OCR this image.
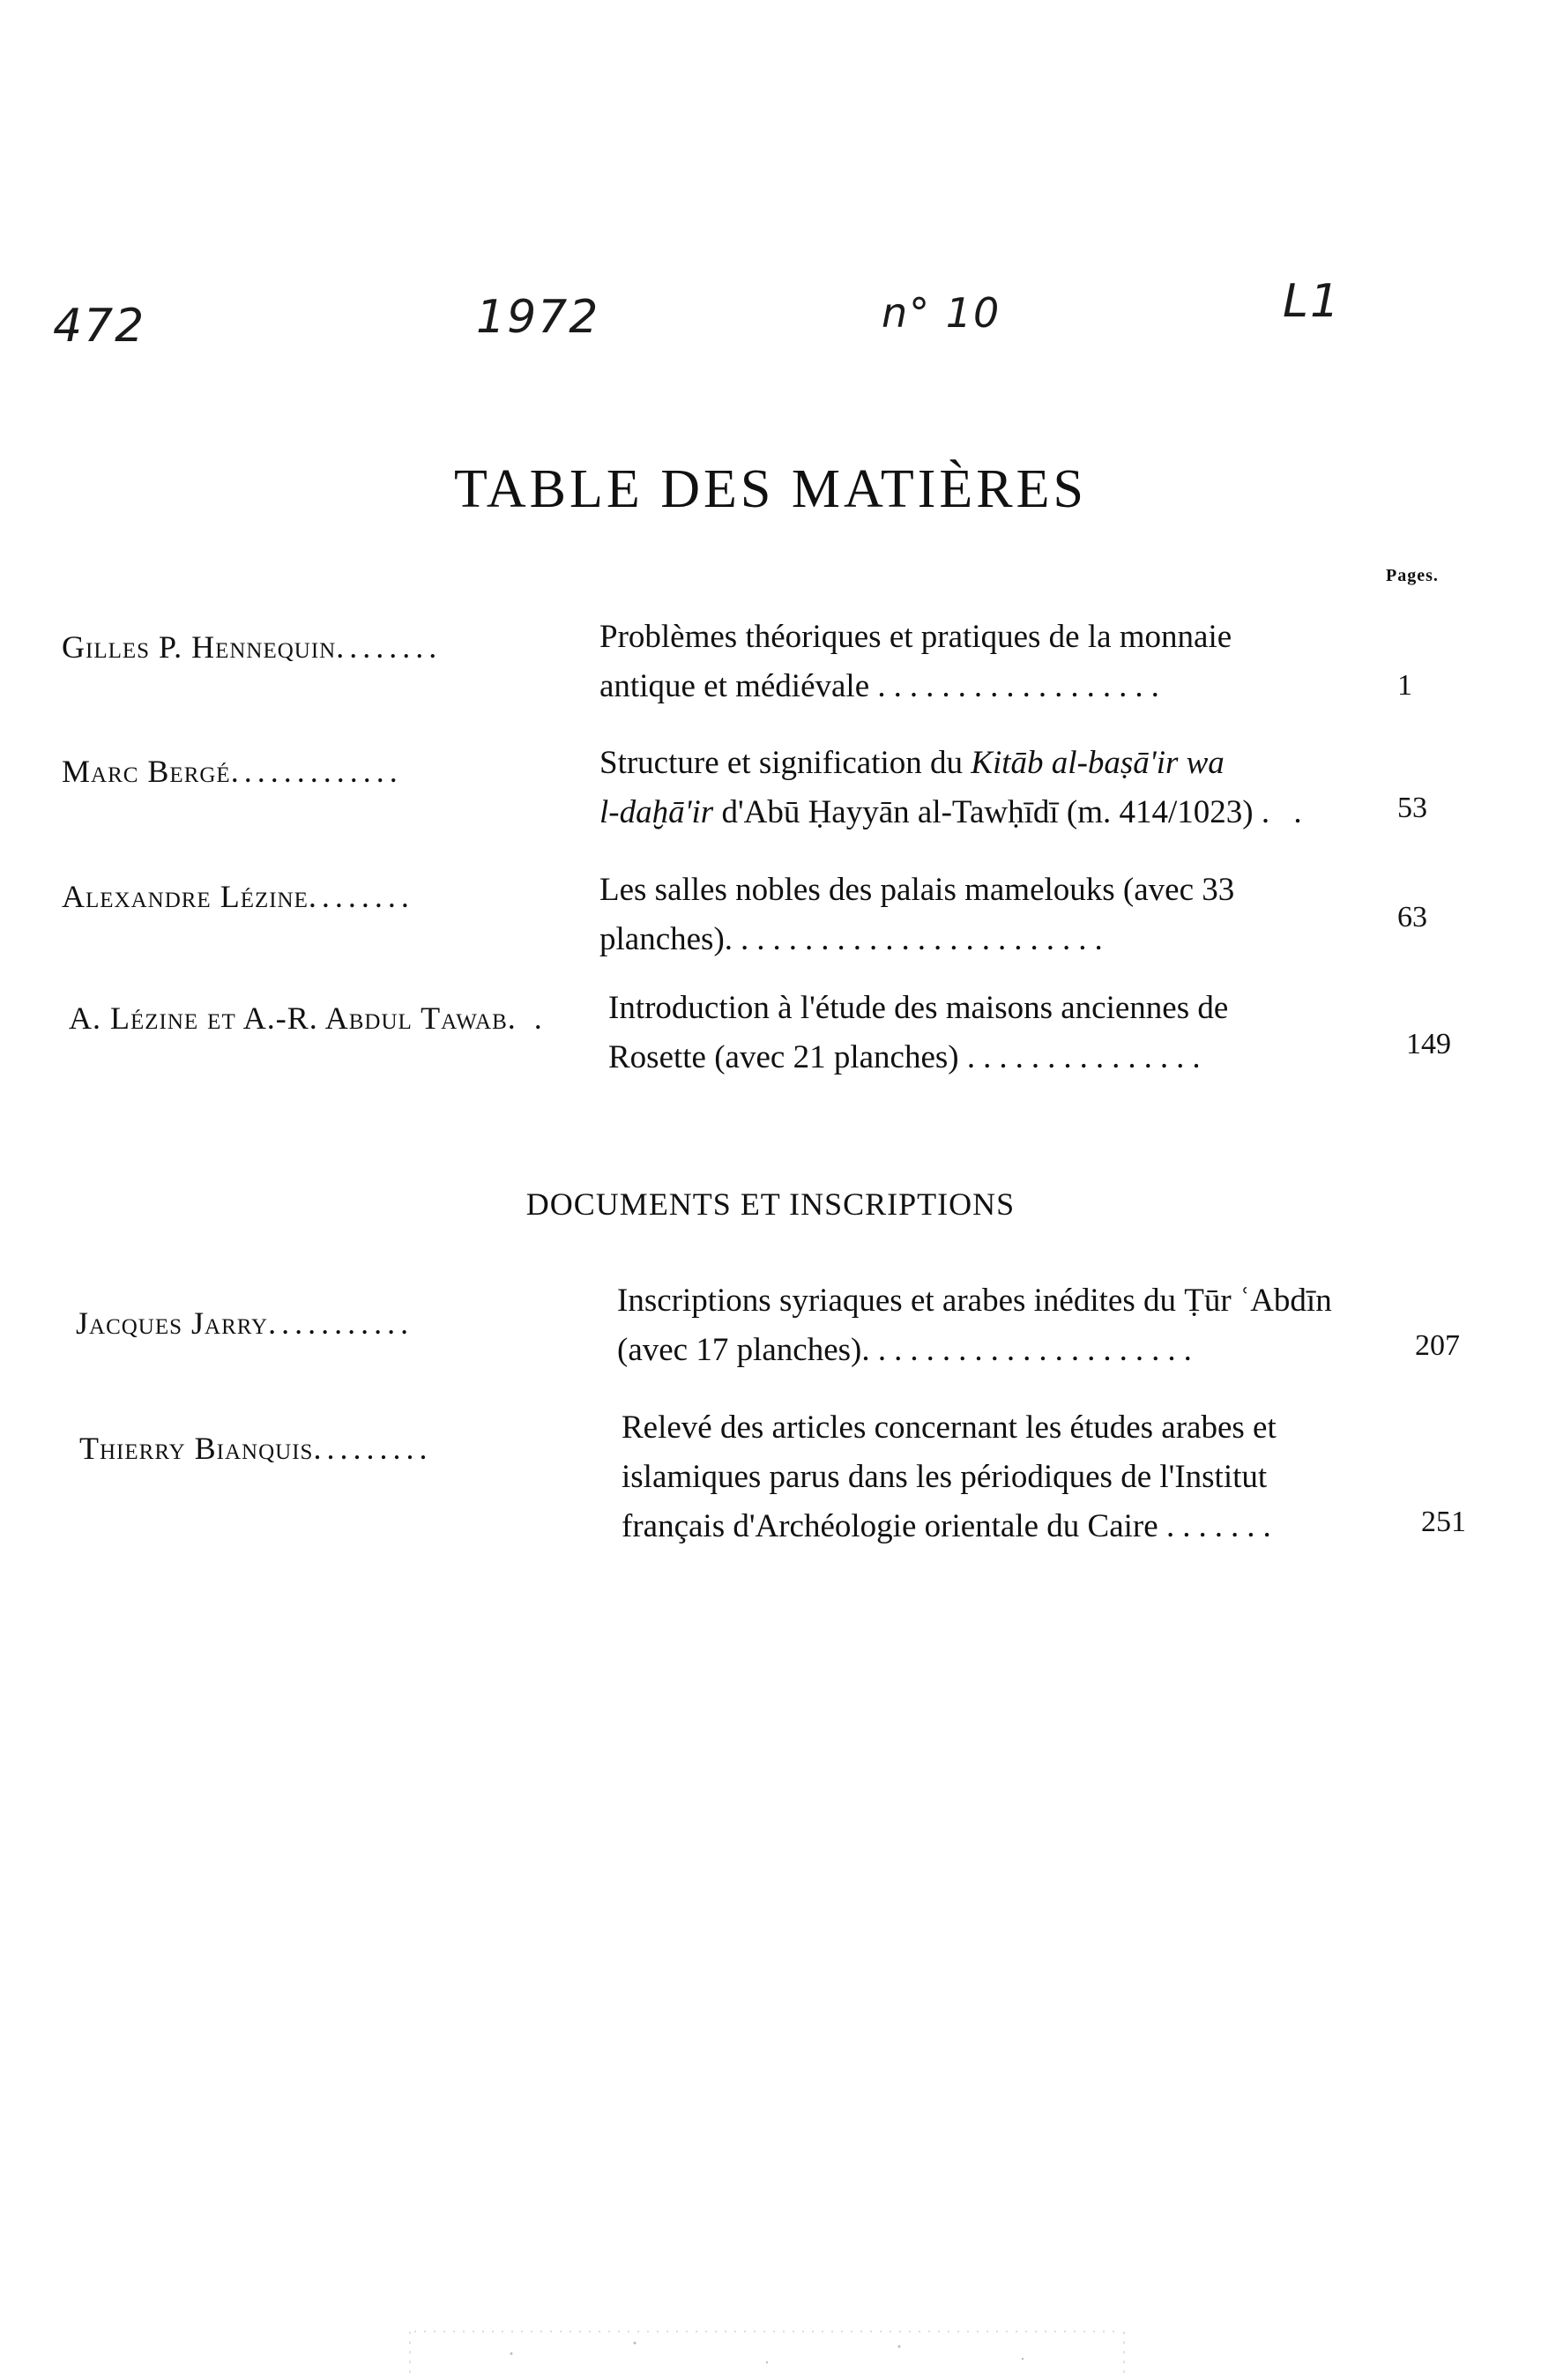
472	1972	n° 10	L1
TABLE DES MATIÈRES
Pages.
Gilles P. Hennequin........	Problèmes théoriques et pratiques de la monnaie
antique et médiévale ..................	1
Marc Bergé.............	Structure et signification du Kitāb al-baṣā'ir wa
l-daḫā'ir d'Abū Ḥayyān al-Tawḥīdī (m. 414/1023) . .	53
Alexandre Lézine........	Les salles nobles des palais mamelouks (avec 33
planches)........................
63
A. Lézine et A.-R. Abdul Tawab. .	Introduction à l'étude des maisons anciennes de
Rosette (avec 21 planches) ...............	149
DOCUMENTS ET INSCRIPTIONS
Jacques Jarry...........
Inscriptions syriaques et arabes inédites du Ṭūr ʿAbdīn
(avec 17 planches). ....................	207
Thierry Bianquis.........
Relevé des articles concernant les études arabes et
islamiques parus dans les périodiques de l'Institut
français d'Archéologie orientale du Caire .......	251
